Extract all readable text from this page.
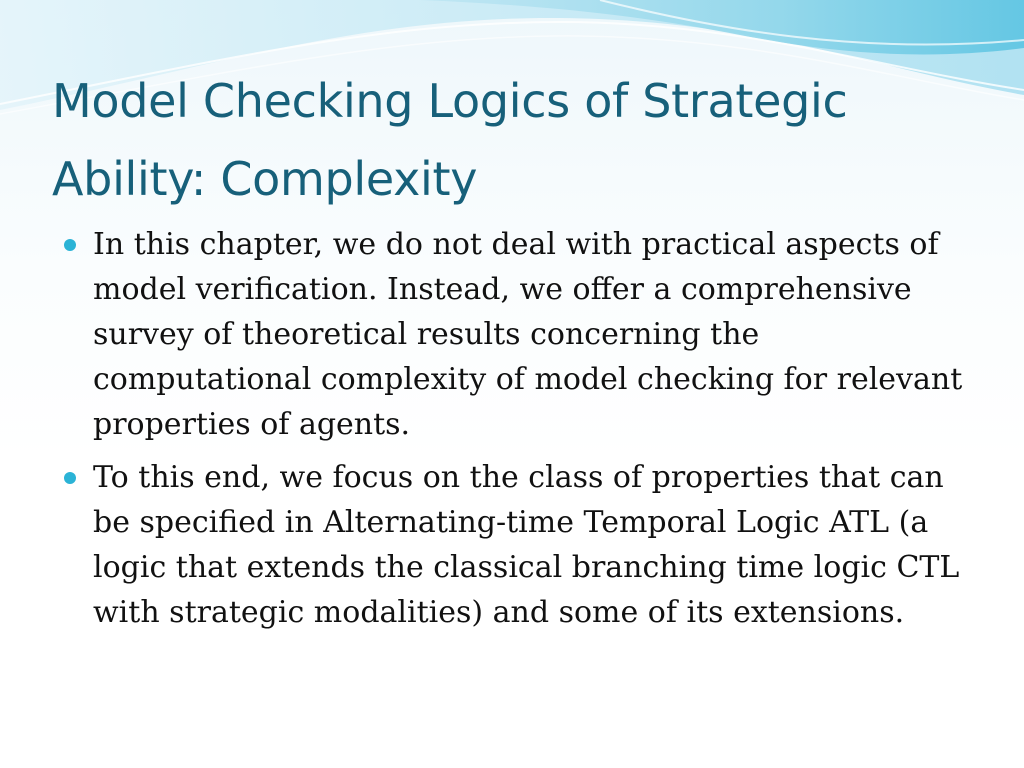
Model Checking Logics of Strategic Ability: Complexity
In this chapter, we do not deal with practical aspects of model verification. Instead, we offer a comprehensive survey of theoretical results concerning the computational complexity of model checking for relevant properties of agents.
To this end, we focus on the class of properties that can be specified in Alternating-time Temporal Logic ATL (a logic that extends the classical branching time logic CTL with strategic modalities) and some of its extensions.
